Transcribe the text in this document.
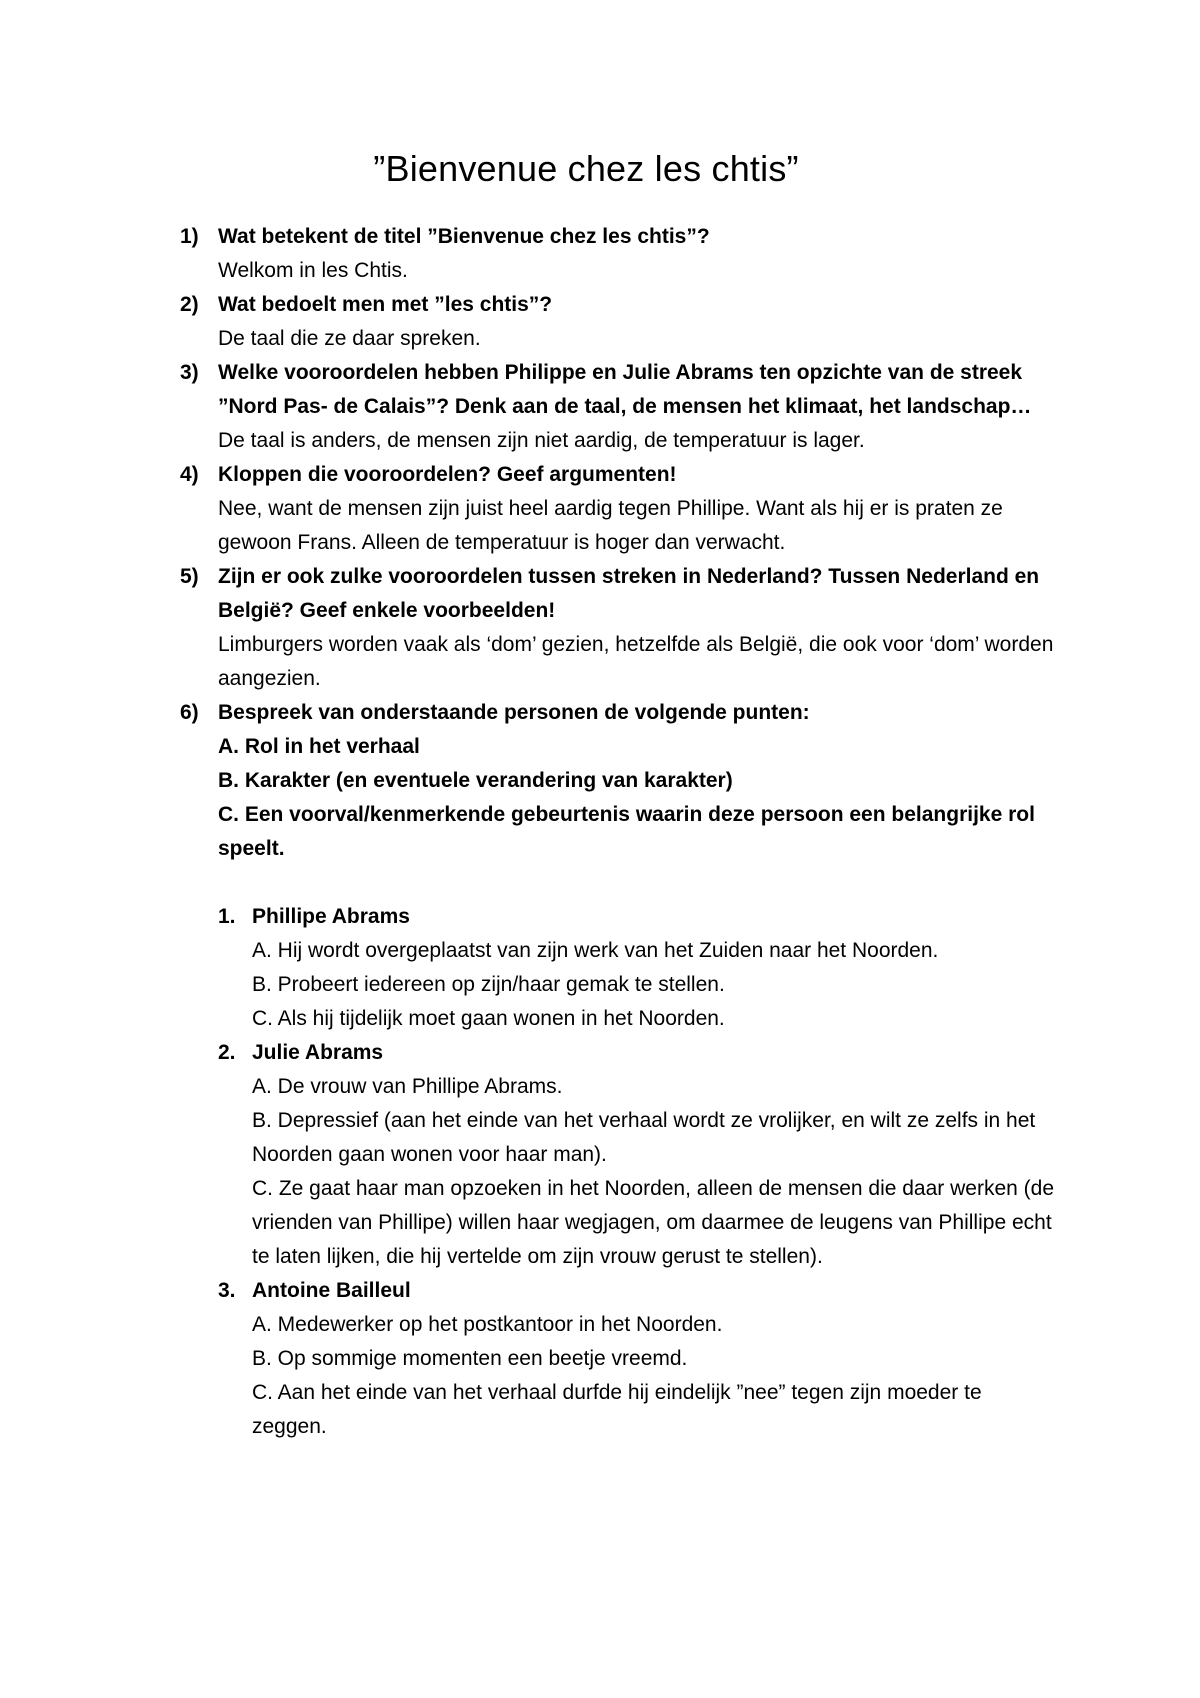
”Bienvenue chez les chtis”
1) Wat betekent de titel ”Bienvenue chez les chtis”?
Welkom in les Chtis.
2) Wat bedoelt men met ”les chtis”?
De taal die ze daar spreken.
3) Welke vooroordelen hebben Philippe en Julie Abrams ten opzichte van de streek ”Nord Pas- de Calais”? Denk aan de taal, de mensen het klimaat, het landschap…
De taal is anders, de mensen zijn niet aardig, de temperatuur is lager.
4) Kloppen die vooroordelen? Geef argumenten!
Nee, want de mensen zijn juist heel aardig tegen Phillipe. Want als hij er is praten ze gewoon Frans. Alleen de temperatuur is hoger dan verwacht.
5) Zijn er ook zulke vooroordelen tussen streken in Nederland? Tussen Nederland en België? Geef enkele voorbeelden!
Limburgers worden vaak als ‘dom’ gezien, hetzelfde als België, die ook voor ‘dom’ worden aangezien.
6) Bespreek van onderstaande personen de volgende punten:
A. Rol in het verhaal
B. Karakter (en eventuele verandering van karakter)
C. Een voorval/kenmerkende gebeurtenis waarin deze persoon een belangrijke rol speelt.
1. Phillipe Abrams
A. Hij wordt overgeplaatst van zijn werk van het Zuiden naar het Noorden.
B. Probeert iedereen op zijn/haar gemak te stellen.
C. Als hij tijdelijk moet gaan wonen in het Noorden.
2. Julie Abrams
A. De vrouw van Phillipe Abrams.
B. Depressief (aan het einde van het verhaal wordt ze vrolijker, en wilt ze zelfs in het Noorden gaan wonen voor haar man).
C. Ze gaat haar man opzoeken in het Noorden, alleen de mensen die daar werken (de vrienden van Phillipe) willen haar wegjagen, om daarmee de leugens van Phillipe echt te laten lijken, die hij vertelde om zijn vrouw gerust te stellen).
3. Antoine Bailleul
A. Medewerker op het postkantoor in het Noorden.
B. Op sommige momenten een beetje vreemd.
C. Aan het einde van het verhaal durfde hij eindelijk ”nee” tegen zijn moeder te zeggen.
